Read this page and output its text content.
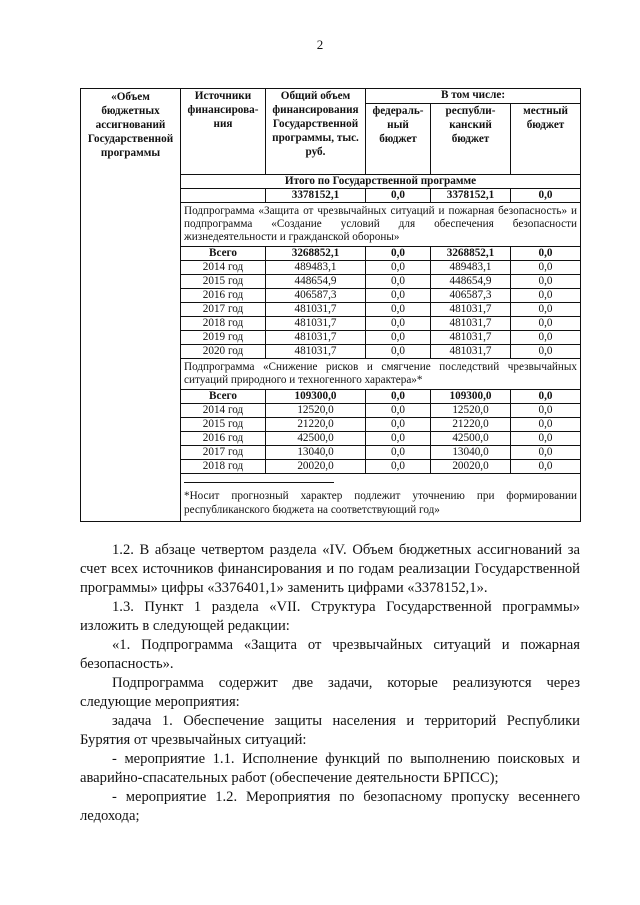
2
«Объем бюджетных ассигнований Государственной программы	Источники финансирова-ния	Общий объем финансирования Государственной программы, тыс. руб.	В том числе:		
			федераль-ный бюджет	республи-канский бюджет	местный бюджет
	Итого по Государственной программе				
		3378152,1	0,0	3378152,1	0,0
	Подпрограмма «Защита от чрезвычайных ситуаций и пожарная безопасность» и подпрограмма «Создание условий для обеспечения безопасности жизнедеятельности и гражданской обороны»				
	Всего	3268852,1	0,0	3268852,1	0,0
	2014 год	489483,1	0,0	489483,1	0,0
	2015 год	448654,9	0,0	448654,9	0,0
	2016 год	406587,3	0,0	406587,3	0,0
	2017 год	481031,7	0,0	481031,7	0,0
	2018 год	481031,7	0,0	481031,7	0,0
	2019 год	481031,7	0,0	481031,7	0,0
	2020 год	481031,7	0,0	481031,7	0,0
	Подпрограмма «Снижение рисков и смягчение последствий чрезвычайных ситуаций природного и техногенного характера»*				
	Всего	109300,0	0,0	109300,0	0,0
	2014 год	12520,0	0,0	12520,0	0,0
	2015 год	21220,0	0,0	21220,0	0,0
	2016 год	42500,0	0,0	42500,0	0,0
	2017 год	13040,0	0,0	13040,0	0,0
	2018 год	20020,0	0,0	20020,0	0,0

	*Носит прогнозный характер подлежит уточнению при формировании республиканского бюджета на соответствующий год»				

1.2. В абзаце четвертом раздела «IV. Объем бюджетных ассигнований за счет всех источников финансирования и по годам реализации Государственной программы» цифры «3376401,1» заменить цифрами «3378152,1».

1.3. Пункт 1 раздела «VII. Структура Государственной программы» изложить в следующей редакции:

«1. Подпрограмма «Защита от чрезвычайных ситуаций и пожарная безопасность».

Подпрограмма содержит две задачи, которые реализуются через следующие мероприятия:

задача 1. Обеспечение защиты населения и территорий Республики Бурятия от чрезвычайных ситуаций:

- мероприятие 1.1. Исполнение функций по выполнению поисковых и аварийно-спасательных работ (обеспечение деятельности БРПСС);

- мероприятие 1.2. Мероприятия по безопасному пропуску весеннего ледохода;
